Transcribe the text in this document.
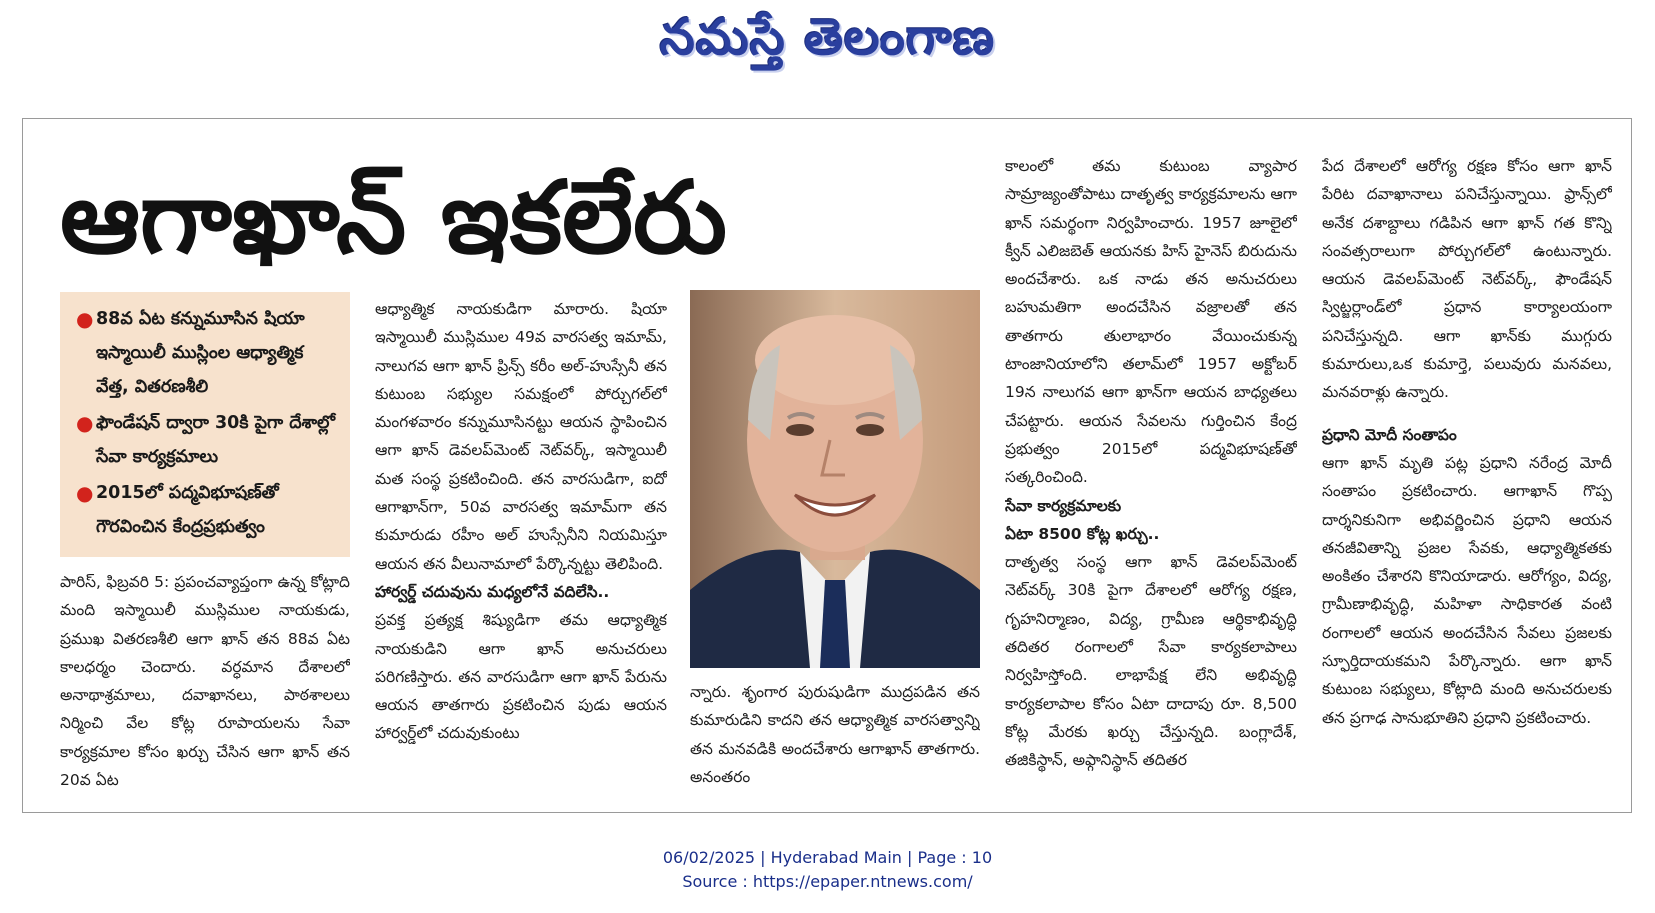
నమస్తే తెలంగాణ
ఆగాఖాన్ ఇకలేరు
● 88వ ఏట కన్నుమూసిన షియా ఇస్మాయిలీ ముస్లింల ఆధ్యాత్మిక వేత్త, వితరణశీలి
● ఫౌండేషన్ ద్వారా 30కి పైగా దేశాల్లో సేవా కార్యక్రమాలు
● 2015లో పద్మవిభూషణ్‌తో గౌరవించిన కేంద్రప్రభుత్వం

పారిస్, ఫిబ్రవరి 5: ప్రపంచవ్యాప్తంగా ఉన్న కోట్లాది మంది ఇస్మాయిలీ ముస్లిముల నాయకుడు, ప్రముఖ వితరణశీలి ఆగా ఖాన్ తన 88వ ఏట కాలధర్మం చెందారు. వర్ధమాన దేశాలలో అనాథాశ్రమాలు, దవాఖానలు, పాఠశాలలు నిర్మించి వేల కోట్ల రూపాయలను సేవా కార్యక్రమాల కోసం ఖర్చు చేసిన ఆగా ఖాన్ తన 20వ ఏట

ఆధ్యాత్మిక నాయకుడిగా మారారు. షియా ఇస్మాయిలీ ముస్లిముల 49వ వారసత్వ ఇమామ్, నాలుగవ ఆగా ఖాన్ ప్రిన్స్ కరీం అల్-హుస్సేనీ తన కుటుంబ సభ్యుల సమక్షంలో పోర్చుగల్‌లో మంగళవారం కన్నుమూసినట్టు ఆయన స్థాపించిన ఆగా ఖాన్ డెవలప్‌మెంట్ నెట్‌వర్క్, ఇస్మాయిలీ మత సంస్థ ప్రకటించింది. తన వారసుడిగా, ఐదో ఆగాఖాన్‌గా, 50వ వారసత్వ ఇమామ్‌గా తన కుమారుడు రహీం అల్ హుస్సేనీని నియమిస్తూ ఆయన తన వీలునామాలో పేర్కొన్నట్టు తెలిపింది.

హార్వర్డ్ చదువును మధ్యలోనే వదిలేసి..

ప్రవక్త ప్రత్యక్ష శిష్యుడిగా తమ ఆధ్యాత్మిక నాయకుడిని ఆగా ఖాన్ అనుచరులు పరిగణిస్తారు. తన వారసుడిగా ఆగా ఖాన్ పేరును ఆయన తాతగారు ప్రకటించిన పుడు ఆయన హార్వర్డ్‌లో చదువుకుంటు

న్నారు. శృంగార పురుషుడిగా ముద్రపడిన తన కుమారుడిని కాదని తన ఆధ్యాత్మిక వారసత్వాన్ని తన మనవడికి అందచేశారు ఆగాఖాన్ తాతగారు. అనంతరం

కాలంలో తమ కుటుంబ వ్యాపార సామ్రాజ్యంతోపాటు దాతృత్వ కార్యక్రమాలను ఆగా ఖాన్ సమర్థంగా నిర్వహించారు. 1957 జూలైలో క్వీన్ ఎలిజబెత్ ఆయనకు హిస్ హైనెస్ బిరుదును అందచేశారు. ఒక నాడు తన అనుచరులు బహుమతిగా అందచేసిన వజ్రాలతో తన తాతగారు తులాభారం వేయించుకున్న టాంజానియాలోని తలామ్‌లో 1957 అక్టోబర్ 19న నాలుగవ ఆగా ఖాన్‌గా ఆయన బాధ్యతలు చేపట్టారు. ఆయన సేవలను గుర్తించిన కేంద్ర ప్రభుత్వం 2015లో పద్మవిభూషణ్‌తో సత్కరించింది.

సేవా కార్యక్రమాలకు

ఏటా 8500 కోట్ల ఖర్చు..

దాతృత్వ సంస్థ ఆగా ఖాన్ డెవలప్‌మెంట్ నెట్‌వర్క్ 30కి పైగా దేశాలలో ఆరోగ్య రక్షణ, గృహనిర్మాణం, విద్య, గ్రామీణ ఆర్థికాభివృద్ధి తదితర రంగాలలో సేవా కార్యకలాపాలు నిర్వహిస్తోంది. లాభాపేక్ష లేని అభివృద్ధి కార్యకలాపాల కోసం ఏటా దాదాపు రూ. 8,500 కోట్ల మేరకు ఖర్చు చేస్తున్నది. బంగ్లాదేశ్, తజికిస్థాన్, అఫ్గానిస్థాన్ తదితర

పేద దేశాలలో ఆరోగ్య రక్షణ కోసం ఆగా ఖాన్ పేరిట దవాఖానాలు పనిచేస్తున్నాయి. ఫ్రాన్స్‌లో అనేక దశాబ్దాలు గడిపిన ఆగా ఖాన్ గత కొన్ని సంవత్సరాలుగా పోర్చుగల్‌లో ఉంటున్నారు. ఆయన డెవలప్‌మెంట్ నెట్‌వర్క్, ఫౌండేషన్ స్విట్జర్లాండ్‌లో ప్రధాన కార్యాలయంగా పనిచేస్తున్నది. ఆగా ఖాన్‌కు ముగ్గురు కుమారులు,ఒక కుమార్తె, పలువురు మనవలు, మనవరాళ్లు ఉన్నారు.

ప్రధాని మోదీ సంతాపం

ఆగా ఖాన్ మృతి పట్ల ప్రధాని నరేంద్ర మోదీ సంతాపం ప్రకటించారు. ఆగాఖాన్ గొప్ప దార్శనికునిగా అభివర్ణించిన ప్రధాని ఆయన తనజీవితాన్ని ప్రజల సేవకు, ఆధ్యాత్మికతకు అంకితం చేశారని కొనియాడారు. ఆరోగ్యం, విద్య, గ్రామీణాభివృద్ధి, మహిళా సాధికారత వంటి రంగాలలో ఆయన అందచేసిన సేవలు ప్రజలకు స్ఫూర్తిదాయకమని పేర్కొన్నారు. ఆగా ఖాన్ కుటుంబ సభ్యులు, కోట్లాది మంది అనుచరులకు తన ప్రగాఢ సానుభూతిని ప్రధాని ప్రకటించారు.

06/02/2025 | Hyderabad Main | Page : 10
Source : https://epaper.ntnews.com/
